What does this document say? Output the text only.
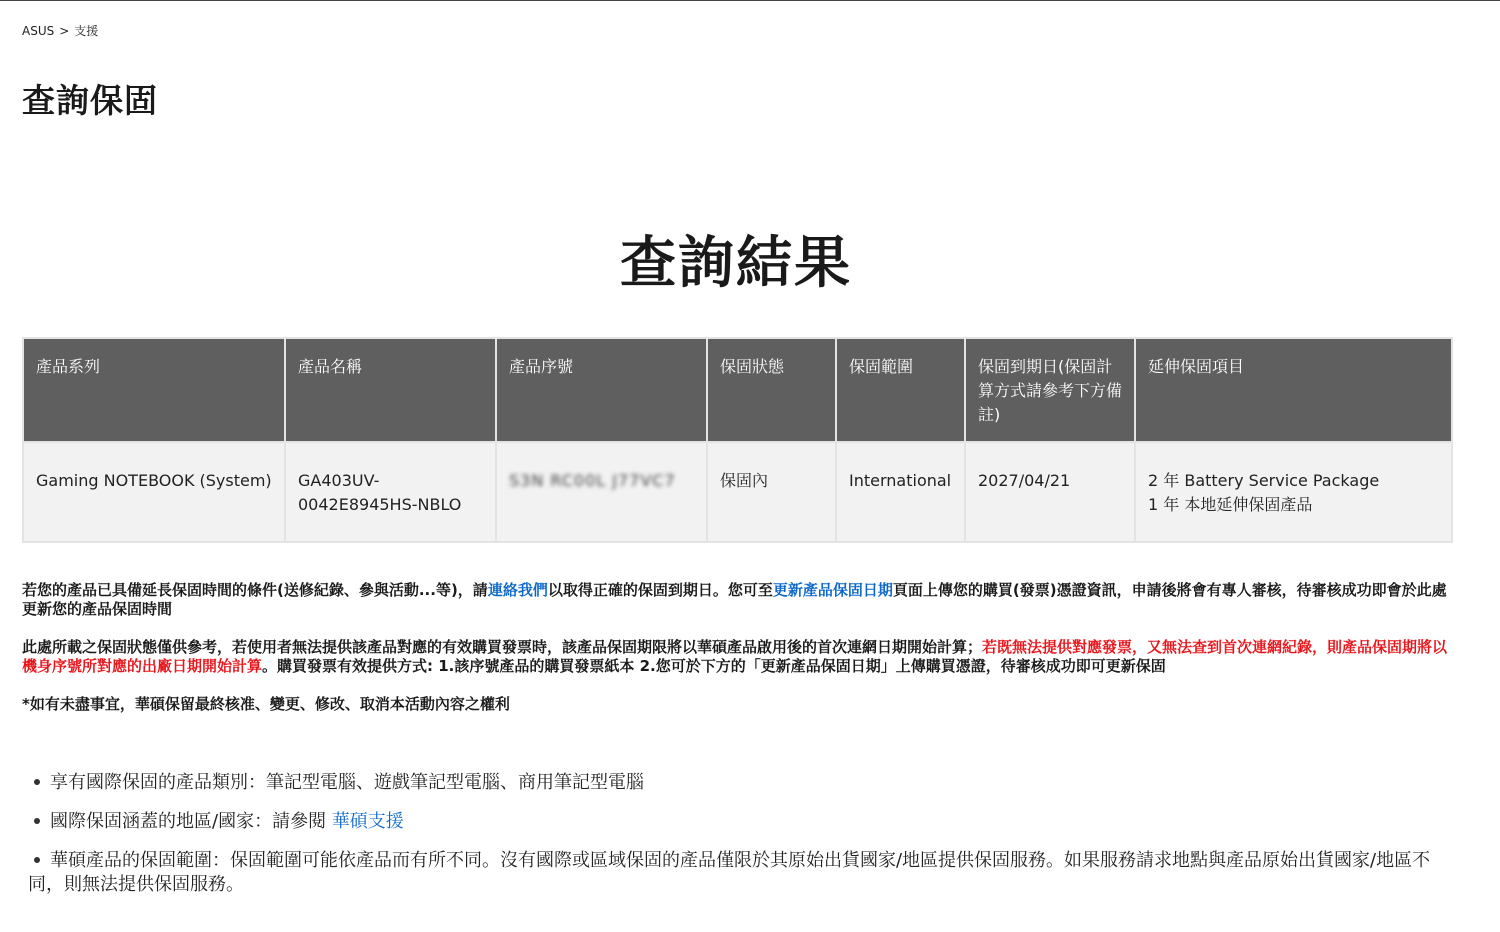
ASUS > 支援
查詢保固
查詢結果
產品系列	產品名稱	產品序號	保固狀態	保固範圍	保固到期日(保固計算方式請參考下方備註)	延伸保固項目
Gaming NOTEBOOK (System)	GA403UV-0042E8945HS-NBLO	S3N RC00L J77VC7	保固內	International	2027/04/21	2 年 Battery Service Package
1 年 本地延伸保固產品

若您的產品已具備延長保固時間的條件(送修紀錄、參與活動...等)，請連絡我們以取得正確的保固到期日。您可至更新產品保固日期頁面上傳您的購買(發票)憑證資訊，申請後將會有專人審核，待審核成功即會於此處更新您的產品保固時間

此處所載之保固狀態僅供參考，若使用者無法提供該產品對應的有效購買發票時，該產品保固期限將以華碩產品啟用後的首次連網日期開始計算；若既無法提供對應發票，又無法查到首次連網紀錄，則產品保固期將以機身序號所對應的出廠日期開始計算。購買發票有效提供方式: 1.該序號產品的購買發票紙本 2.您可於下方的「更新產品保固日期」上傳購買憑證，待審核成功即可更新保固

*如有未盡事宜，華碩保留最終核准、變更、修改、取消本活動內容之權利

享有國際保固的產品類別：筆記型電腦、遊戲筆記型電腦、商用筆記型電腦
國際保固涵蓋的地區/國家：請參閱 華碩支援
華碩產品的保固範圍：保固範圍可能依產品而有所不同。沒有國際或區域保固的產品僅限於其原始出貨國家/地區提供保固服務。如果服務請求地點與產品原始出貨國家/地區不同，則無法提供保固服務。
